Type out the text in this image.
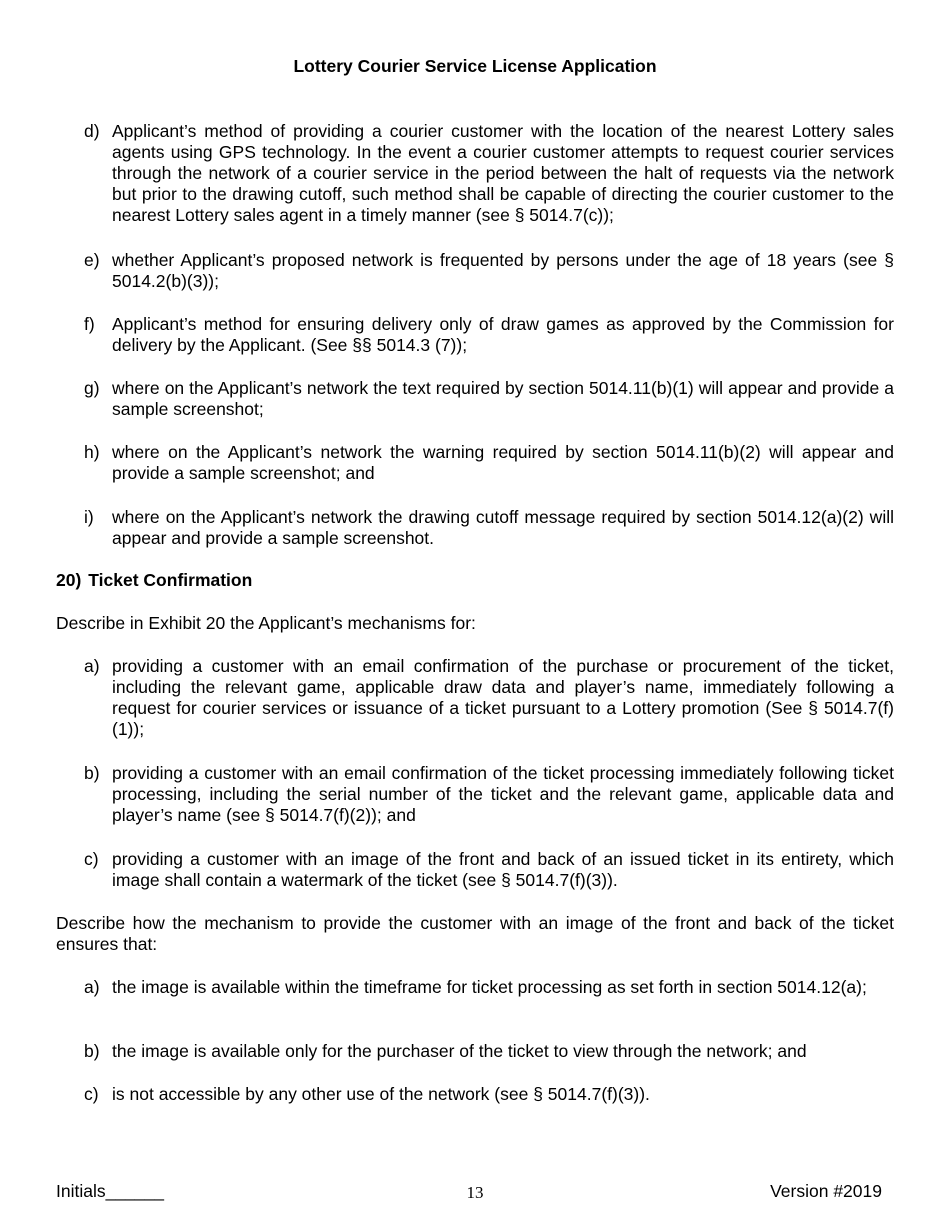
Lottery Courier Service License Application
d) Applicant’s method of providing a courier customer with the location of the nearest Lottery sales agents using GPS technology. In the event a courier customer attempts to request courier services through the network of a courier service in the period between the halt of requests via the network but prior to the drawing cutoff, such method shall be capable of directing the courier customer to the nearest Lottery sales agent in a timely manner (see § 5014.7(c));
e) whether Applicant’s proposed network is frequented by persons under the age of 18 years (see § 5014.2(b)(3));
f) Applicant’s method for ensuring delivery only of draw games as approved by the Commission for delivery by the Applicant. (See §§ 5014.3 (7));
g) where on the Applicant’s network the text required by section 5014.11(b)(1) will appear and provide a sample screenshot;
h) where on the Applicant’s network the warning required by section 5014.11(b)(2) will appear and provide a sample screenshot; and
i)	where on the Applicant’s network the drawing cutoff message required by section 5014.12(a)(2) will appear and provide a sample screenshot.
20) Ticket Confirmation

Describe in Exhibit 20 the Applicant’s mechanisms for:

a) providing a customer with an email confirmation of the purchase or procurement of the ticket, including the relevant game, applicable draw data and player’s name, immediately following a request for courier services or issuance of a ticket pursuant to a Lottery promotion (See § 5014.7(f)(1));
b) providing a customer with an email confirmation of the ticket processing immediately following ticket processing, including the serial number of the ticket and the relevant game, applicable data and player’s name (see § 5014.7(f)(2)); and
c) providing a customer with an image of the front and back of an issued ticket in its entirety, which image shall contain a watermark of the ticket (see § 5014.7(f)(3)).

Describe how the mechanism to provide the customer with an image of the front and back of the ticket ensures that:

a) the image is available within the timeframe for ticket processing as set forth in section 5014.12(a);
b) the image is available only for the purchaser of the ticket to view through the network; and
c) is not accessible by any other use of the network (see § 5014.7(f)(3)).
Initials______	13	Version #2019
